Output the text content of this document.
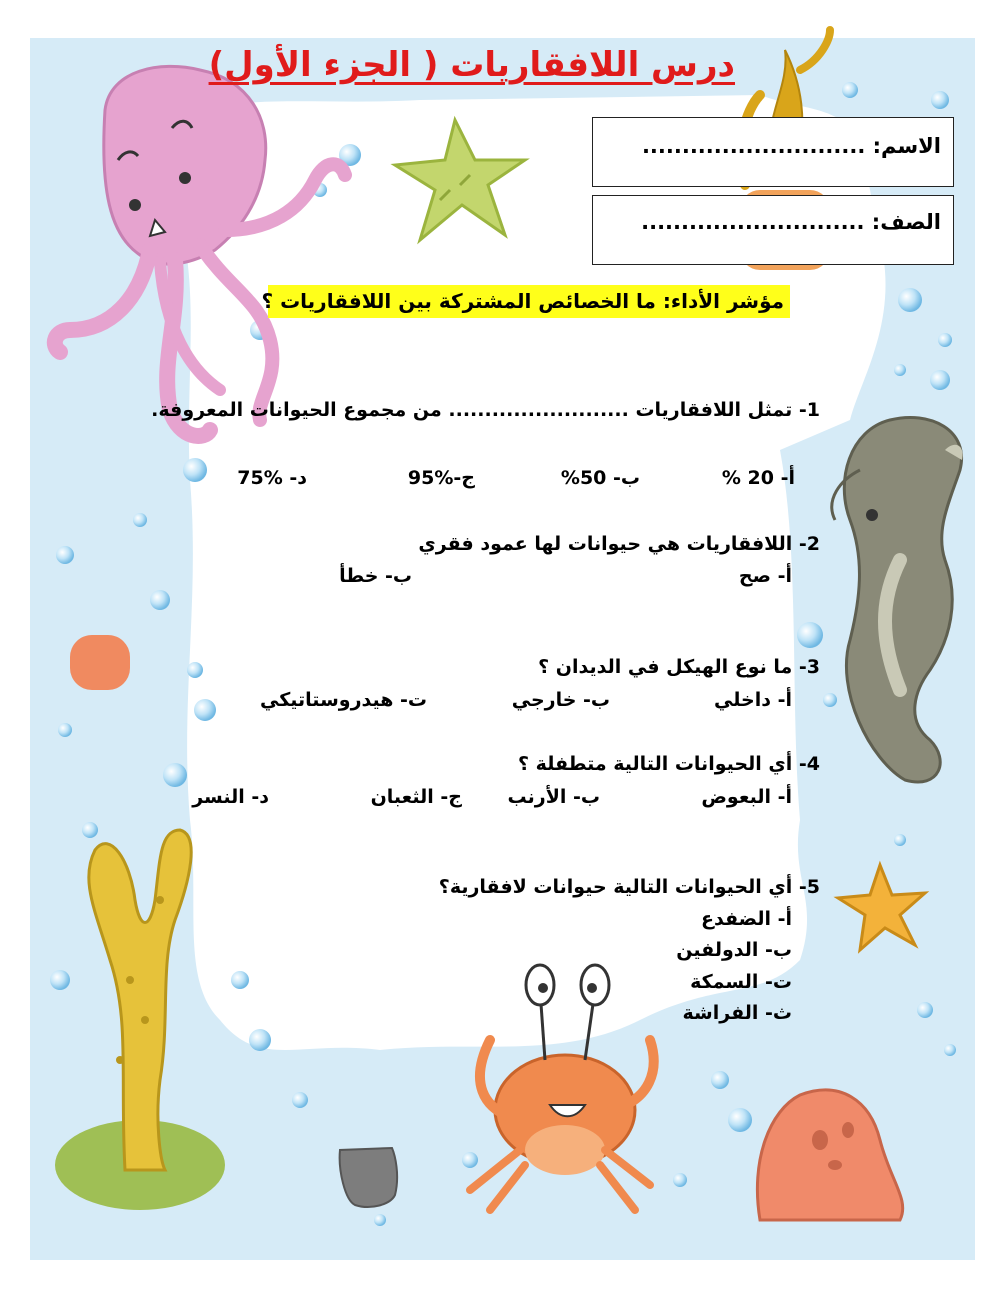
درس اللافقاريات ( الجزء الأول)
الاسم: ............................
الصف: ............................
مؤشر الأداء: ما الخصائص المشتركة بين اللافقاريات ؟
1- تمثل اللافقاريات ......................... من مجموع الحيوانات المعروفة.
أ- 20 %
ب- 50%
ج-%95
د- %75
2- اللافقاريات هي حيوانات لها عمود فقري
أ- صح
ب- خطأ
3- ما نوع الهيكل في الديدان ؟
أ- داخلي
ب- خارجي
ت- هيدروستاتيكي
4- أي الحيوانات التالية متطفلة ؟
أ- البعوض
ب- الأرنب
ج- الثعبان
د- النسر
5- أي الحيوانات التالية حيوانات لافقارية؟
أ- الضفدع
ب- الدولفين
ت- السمكة
ث- الفراشة
